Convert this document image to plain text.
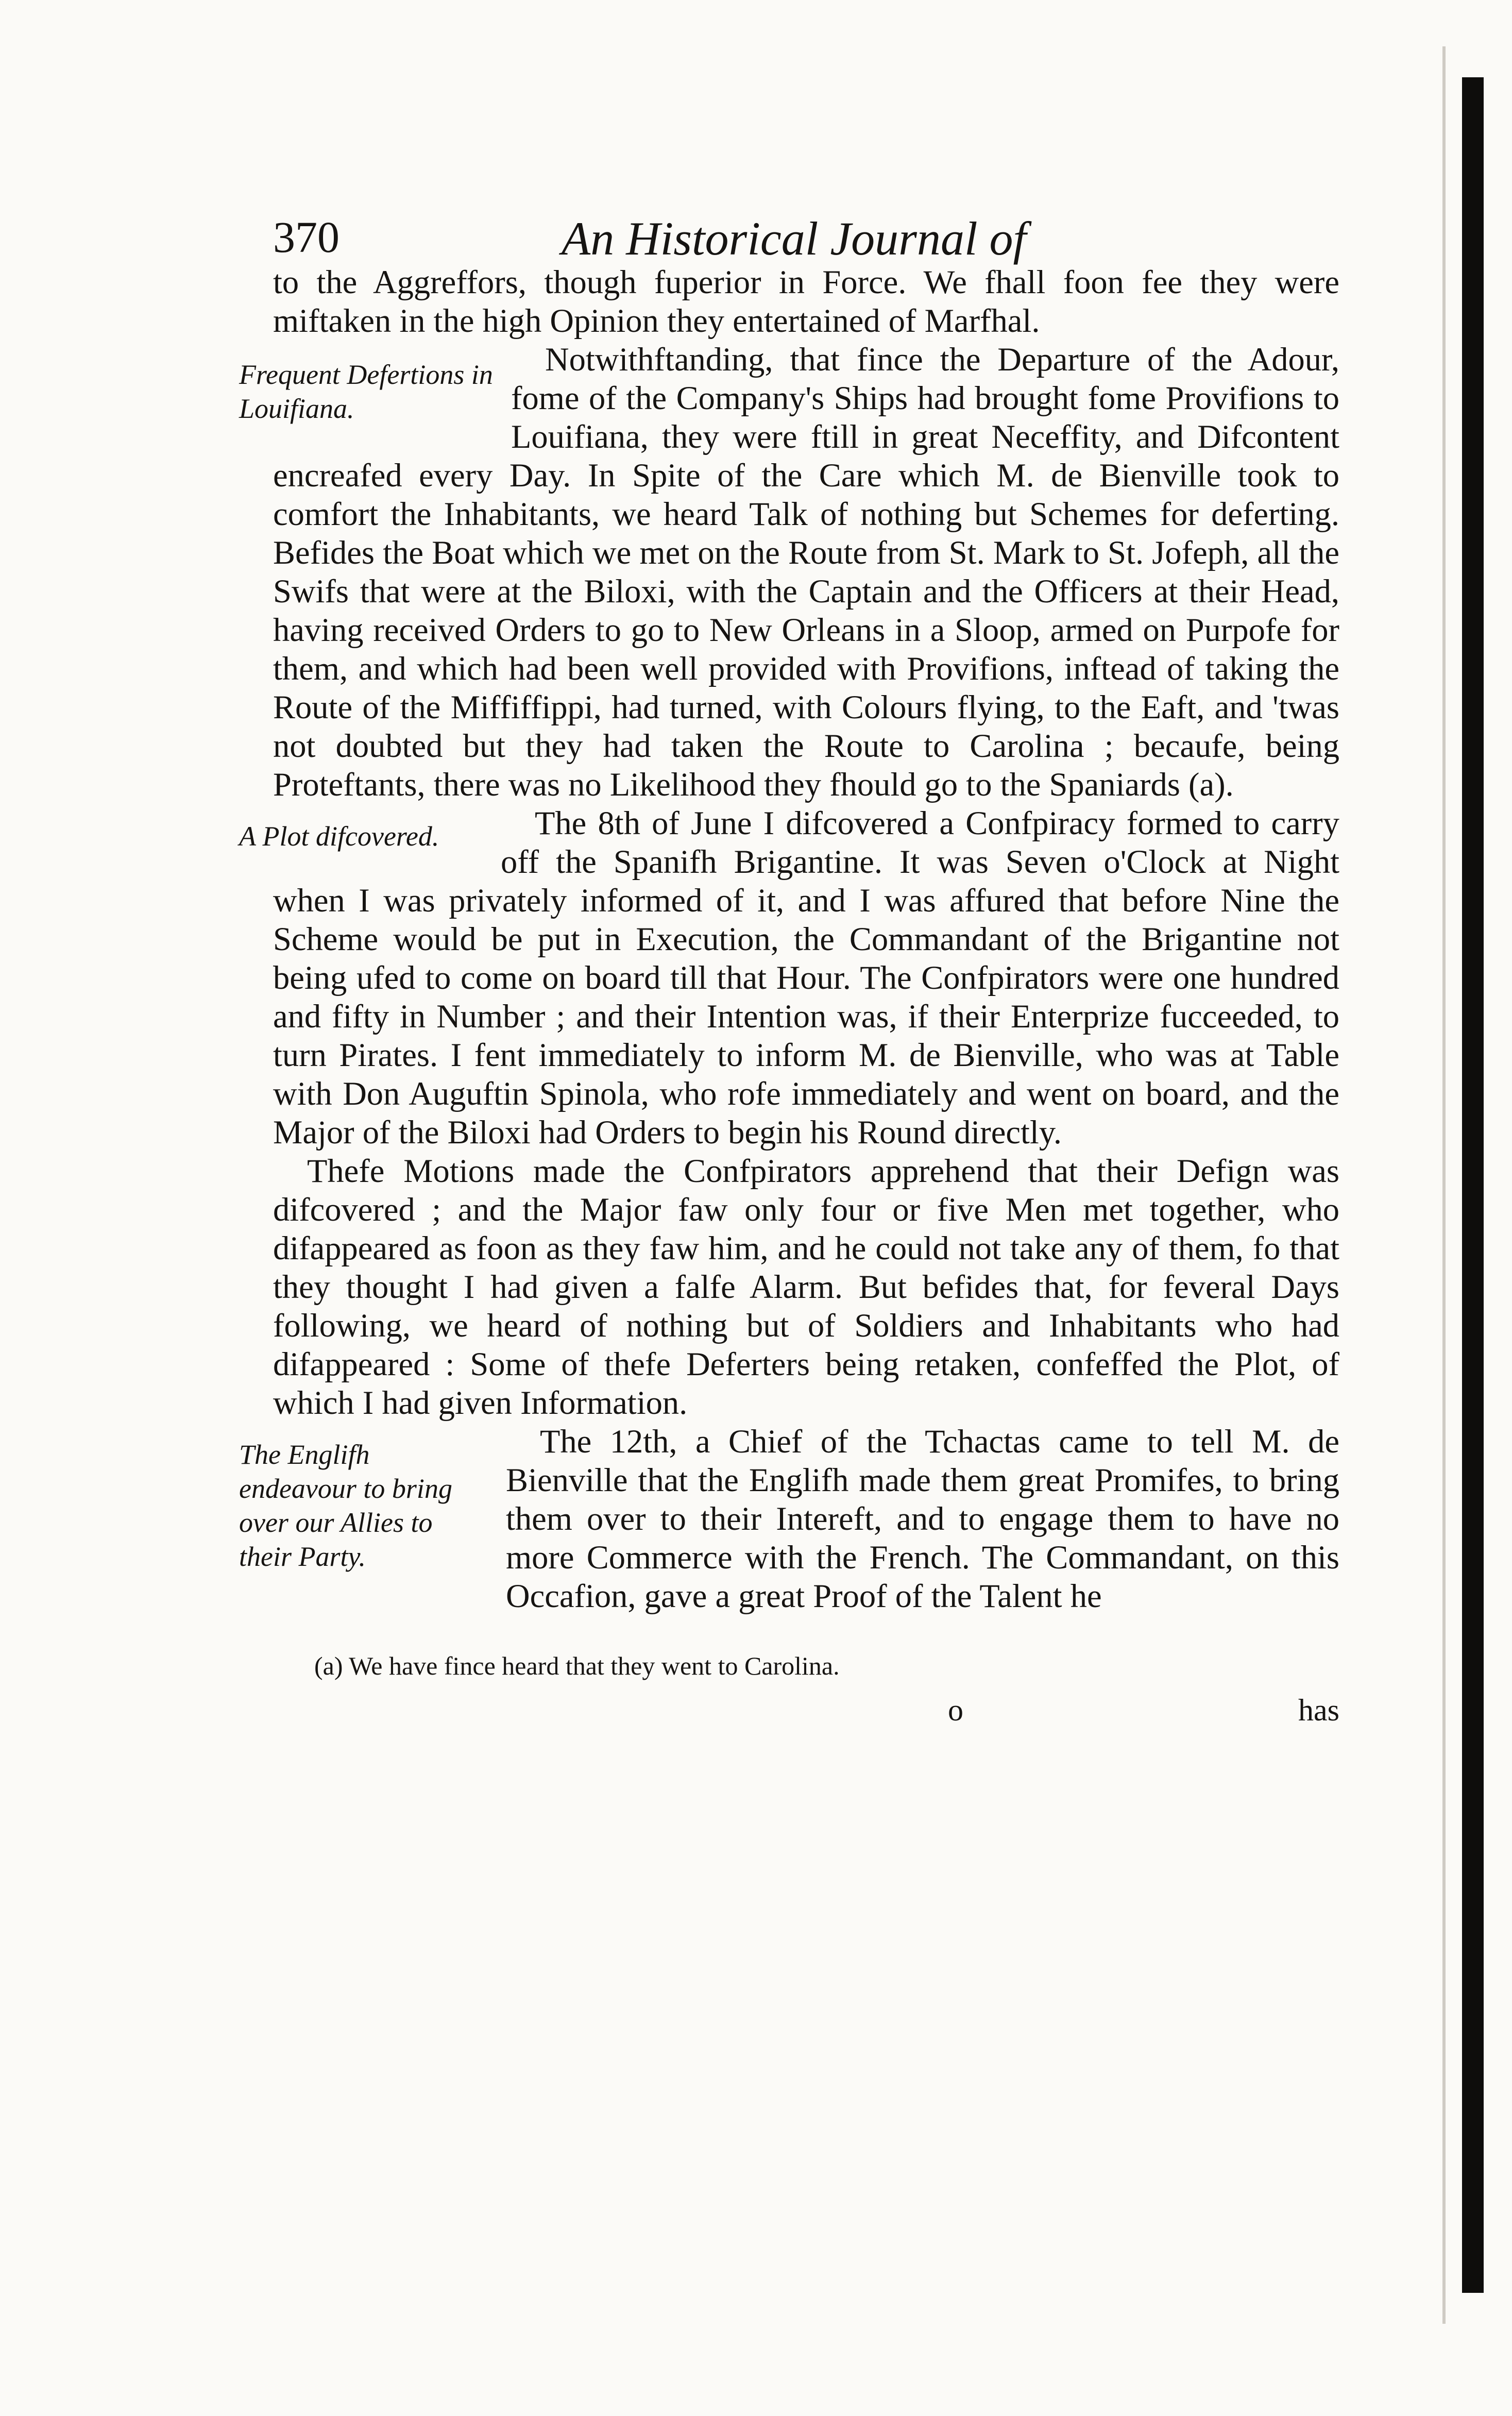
370	An Historical Journal of

to the Aggreffors, though fuperior in Force. We fhall foon fee they were miftaken in the high Opinion they entertained of Marfhal.

Frequent Defertions in Louifiana.
Notwithftanding, that fince the Departure of the Adour, fome of the Company's Ships had brought fome Provifions to Louifiana, they were ftill in great Neceffity, and Difcontent encreafed every Day. In Spite of the Care which M. de Bienville took to comfort the Inhabitants, we heard Talk of nothing but Schemes for deferting. Befides the Boat which we met on the Route from St. Mark to St. Jofeph, all the Swifs that were at the Biloxi, with the Captain and the Officers at their Head, having received Orders to go to New Orleans in a Sloop, armed on Purpofe for them, and which had been well provided with Provifions, inftead of taking the Route of the Miffiffippi, had turned, with Colours flying, to the Eaft, and 'twas not doubted but they had taken the Route to Carolina ; becaufe, being Proteftants, there was no Likelihood they fhould go to the Spaniards (a).

A Plot difcovered.	The 8th of June I difcovered a Confpiracy formed to carry off the Spanifh Brigantine. It was Seven o'Clock at Night when I was privately informed of it, and I was affured that before Nine the Scheme would be put in Execution, the Commandant of the Brigantine not being ufed to come on board till that Hour. The Confpirators were one hundred and fifty in Number ; and their Intention was, if their Enterprize fucceeded, to turn Pirates. I fent immediately to inform M. de Bienville, who was at Table with Don Auguftin Spinola, who rofe immediately and went on board, and the Major of the Biloxi had Orders to begin his Round directly.

Thefe Motions made the Confpirators apprehend that their Defign was difcovered ; and the Major faw only four or five Men met together, who difappeared as foon as they faw him, and he could not take any of them, fo that they thought I had given a falfe Alarm. But befides that, for feveral Days following, we heard of nothing but of Soldiers and Inhabitants who had difappeared : Some of thefe Deferters being retaken, confeffed the Plot, of which I had given Information.

The Englifh endeavour to bring over our Allies to their Party.
The 12th, a Chief of the Tchactas came to tell M. de Bienville that the Englifh made them great Promifes, to bring them over to their Intereft, and to engage them to have no more Commerce with the French. The Commandant, on this Occafion, gave a great Proof of the Talent he

(a) We have fince heard that they went to Carolina.
o	has
